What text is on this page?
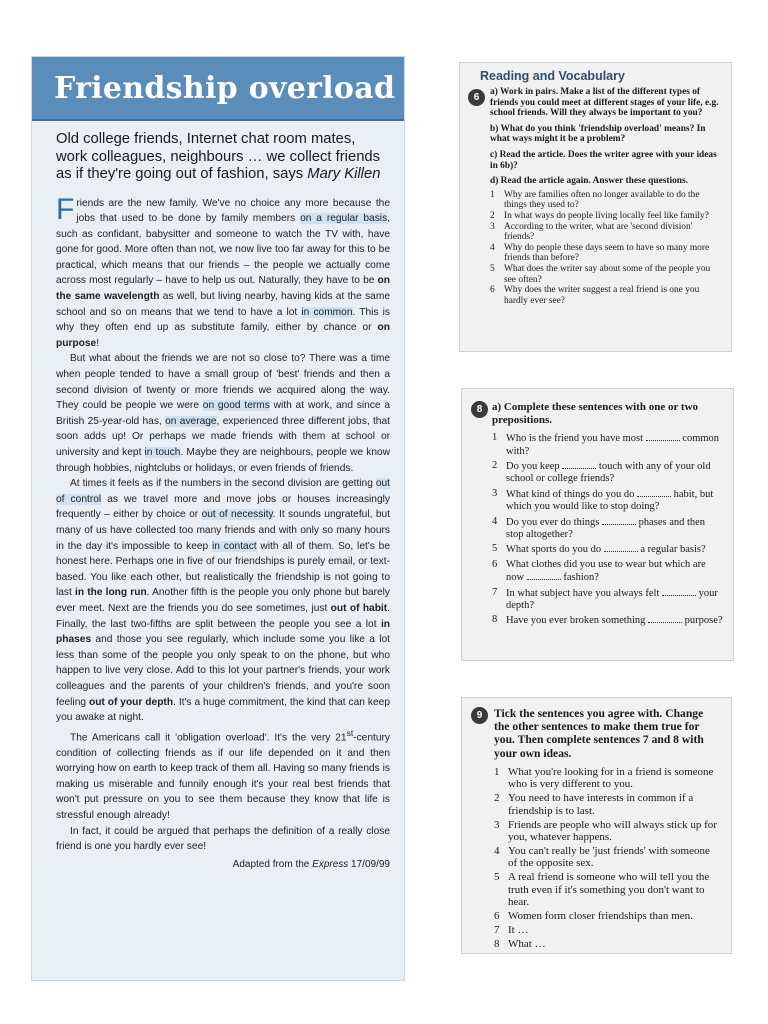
Friendship overload
Old college friends, Internet chat room mates, work colleagues, neighbours … we collect friends as if they're going out of fashion, says Mary Killen

Friends are the new family. We've no choice any more because the jobs that used to be done by family members on a regular basis, such as confidant, babysitter and someone to watch the TV with, have gone for good. More often than not, we now live too far away for this to be practical, which means that our friends – the people we actually come across most regularly – have to help us out. Naturally, they have to be on the same wavelength as well, but living nearby, having kids at the same school and so on means that we tend to have a lot in common. This is why they often end up as substitute family, either by chance or on purpose!

But what about the friends we are not so close to? There was a time when people tended to have a small group of 'best' friends and then a second division of twenty or more friends we acquired along the way. They could be people we were on good terms with at work, and since a British 25-year-old has, on average, experienced three different jobs, that soon adds up! Or perhaps we made friends with them at school or university and kept in touch. Maybe they are neighbours, people we know through hobbies, nightclubs or holidays, or even friends of friends.

At times it feels as if the numbers in the second division are getting out of control as we travel more and move jobs or houses increasingly frequently – either by choice or out of necessity. It sounds ungrateful, but many of us have collected too many friends and with only so many hours in the day it's impossible to keep in contact with all of them. So, let's be honest here. Perhaps one in five of our friendships is purely email, or text-based. You like each other, but realistically the friendship is not going to last in the long run. Another fifth is the people you only phone but barely ever meet. Next are the friends you do see sometimes, just out of habit. Finally, the last two-fifths are split between the people you see a lot in phases and those you see regularly, which include some you like a lot less than some of the people you only speak to on the phone, but who happen to live very close. Add to this lot your partner's friends, your work colleagues and the parents of your children's friends, and you're soon feeling out of your depth. It's a huge commitment, the kind that can keep you awake at night.

The Americans call it 'obligation overload'. It's the very 21st-century condition of collecting friends as if our life depended on it and then worrying how on earth to keep track of them all. Having so many friends is making us miserable and funnily enough it's your real best friends that won't put pressure on you to see them because they know that life is stressful enough already!

In fact, it could be argued that perhaps the definition of a really close friend is one you hardly ever see!

Adapted from the Express 17/09/99
Reading and Vocabulary
6	a) Work in pairs. Make a list of the different types of friends you could meet at different stages of your life, e.g. school friends. Will they always be important to you?
b) What do you think 'friendship overload' means? In what ways might it be a problem?
c) Read the article. Does the writer agree with your ideas in 6b)?
d) Read the article again. Answer these questions.
1 Why are families often no longer available to do the things they used to?
2 In what ways do people living locally feel like family?
3 According to the writer, what are 'second division' friends?
4 Why do people these days seem to have so many more friends than before?
5 What does the writer say about some of the people you see often?
6 Why does the writer suggest a real friend is one you hardly ever see?
8 a) Complete these sentences with one or two prepositions.
1 Who is the friend you have most	common with?
2 Do you keep	touch with any of your old school or college friends?
3 What kind of things do you do	habit, but which you would like to stop doing?
4 Do you ever do things	phases and then stop altogether?
5 What sports do you do	a regular basis?
6 What clothes did you use to wear but which are now	fashion?
7 In what subject have you always felt	your depth?
8 Have you ever broken something	purpose?
9	Tick the sentences you agree with. Change the other sentences to make them true for you. Then complete sentences 7 and 8 with your own ideas.
1 What you're looking for in a friend is someone who is very different to you.
2 You need to have interests in common if a friendship is to last.
3 Friends are people who will always stick up for you, whatever happens.
4 You can't really be 'just friends' with someone of the opposite sex.
5 A real friend is someone who will tell you the truth even if it's something you don't want to hear.
6 Women form closer friendships than men.
7 It …
8 What …
